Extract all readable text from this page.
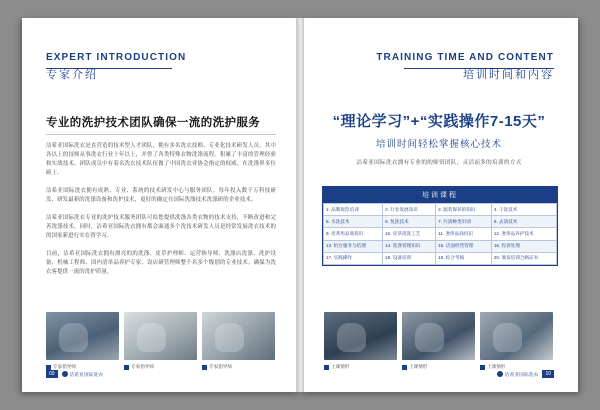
EXPERT INTRODUCTION
专家介绍
专业的洗护技术团队确保一流的洗护服务

洁希亚国际洗衣是直营造的技术型人才团队，拥有多名洗衣技师、专业化技术研发人员，其中各以上的技师从事洗衣行业十年以上，并曾了各类特殊衣物洗涤流程。积累了丰富的管理经验和实战技术、团队成员中有着名洗衣技术队伍做了中国洗衣业协会指定的权威。在洗涤界多位硕士。

洁希亚国际洗衣拥有成熟、专业、系统的技术研发中心与服务团队。每年投入数千万科技研发、研发最新的洗涤设备和洗护技术，更好的确定在国际洗涤技术洗涤研的企业技术。

洁希亚国际洗衣专业的洗护技术服务团队可给您提供洗涤各类衣物的技术支持，不断改进和完善洗涤技术，同时，洁希亚国际洗衣拥有都会面通多个洗技术研发人员是经常发展洗衣技术的的国家新进行实在资学习。

目前，洁希亚国际洗衣拥有漂亮的的洗涤、皮草护理师、运营指导师、洗涤店洗涤、洗护设备、机械工程师、国内清单品养护专家、设店研管理师整个名多个级别的专业技术。确保为洗衣客提供一流的洗护质量。

专家指导师	专家指导师	专家指导师
09	洁希亚国际洗衣
TRAINING TIME AND CONTENT
培训时间和内容
“理论学习”+“实践操作7-15天”
培训时间轻松掌握核心技术
洁希亚国际洗衣拥有专业的的师资团队，灵活而多的培训的方式
培训课程
1. 品牌规范培训	2. 行业发展知识	3. 服装保养的知识	4. 干洗技术
5. 水洗技术	6. 复洗技术	7. 污渍种类识别	8. 去渍技术
9. 皮革用品商投识	10. 皮草清洗工艺	11. 奢侈品商投识	12. 奢侈品养护技术
13. 机台服务与结理	14. 洗涤管理知识	15. 店面经营管理	16. 投诉处理
17. 实践操作	18. 设备培训	19. 综合考核	20. 颁发培训合格证书
上课情形	上课情形	上课情形
洁希亚国际洗衣	10
